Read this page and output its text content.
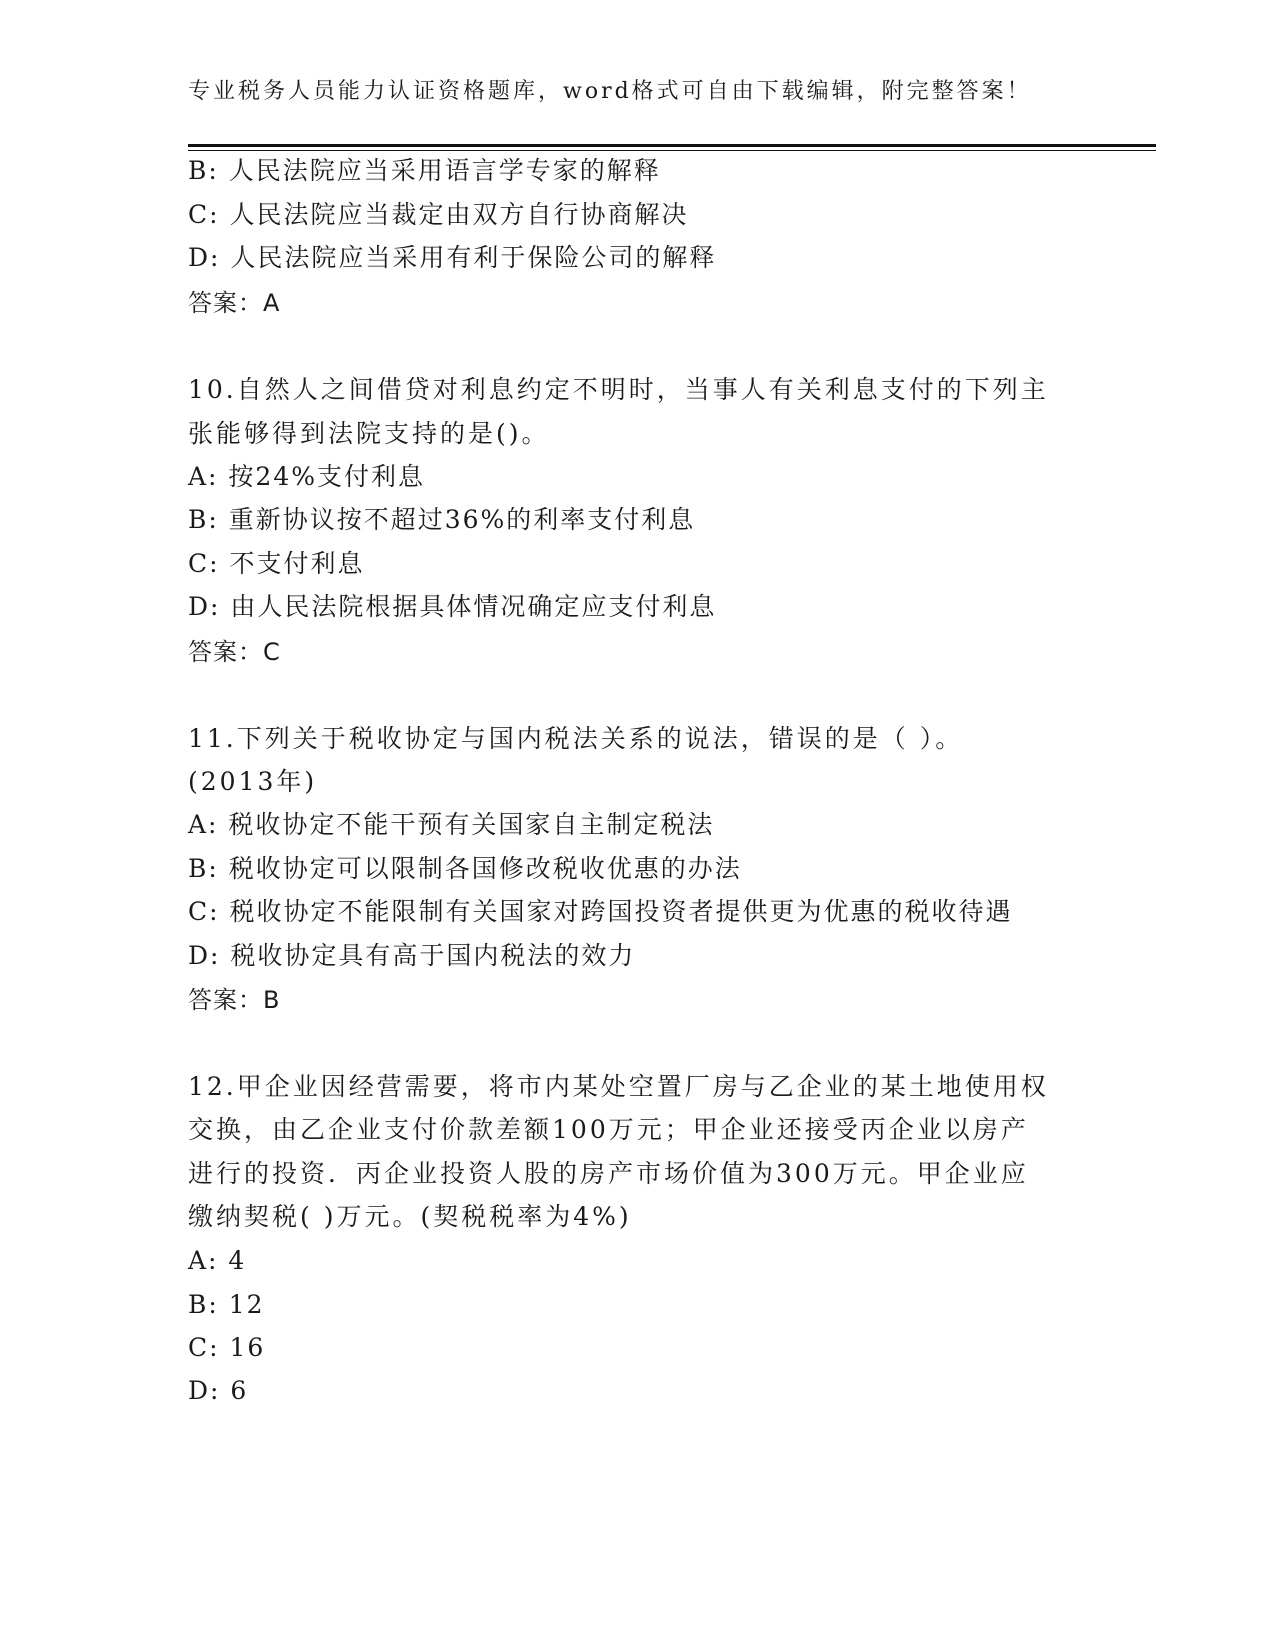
专业税务人员能力认证资格题库，word格式可自由下载编辑，附完整答案！
B: 人民法院应当采用语言学专家的解释
C: 人民法院应当裁定由双方自行协商解决
D: 人民法院应当采用有利于保险公司的解释
答案：A
10.自然人之间借贷对利息约定不明时，当事人有关利息支付的下列主
张能够得到法院支持的是()。
A: 按24%支付利息
B: 重新协议按不超过36%的利率支付利息
C: 不支付利息
D: 由人民法院根据具体情况确定应支付利息
答案：C
11.下列关于税收协定与国内税法关系的说法，错误的是（ ）。
(2013年)
A: 税收协定不能干预有关国家自主制定税法
B: 税收协定可以限制各国修改税收优惠的办法
C: 税收协定不能限制有关国家对跨国投资者提供更为优惠的税收待遇
D: 税收协定具有高于国内税法的效力
答案：B
12.甲企业因经营需要，将市内某处空置厂房与乙企业的某土地使用权
交换，由乙企业支付价款差额100万元；甲企业还接受丙企业以房产
进行的投资．丙企业投资人股的房产市场价值为300万元。甲企业应
缴纳契税( )万元。(契税税率为4%)
A: 4
B: 12
C: 16
D: 6
